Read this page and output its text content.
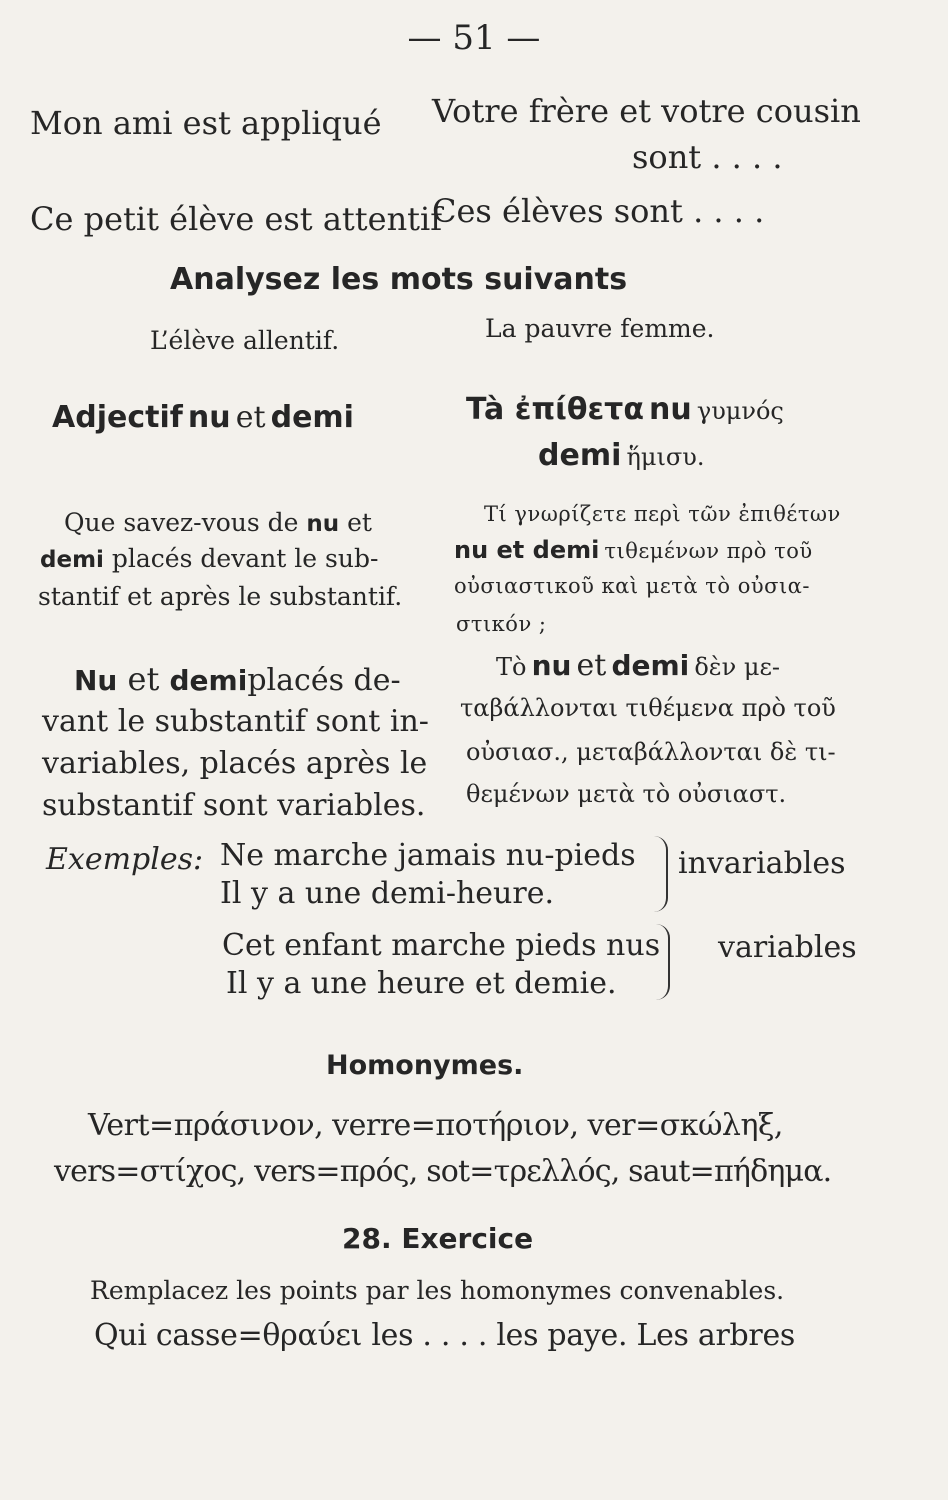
— 51 —
Mon ami est appliqué Votre frère et votre cousin
sont . . . .
Ce petit élève est attentif
Ces élèves sont . . . .
Analysez les mots suivants
L’élève allentif.	La pauvre femme.
Adjectif nu et demi	Tà ἐπίθετα nu γυμνός
demi ἥμισυ.
Que savez-vous de nu et
demi placés devant le sub-
stantif et après le substantif.
Τί γνωρίζετε περὶ τῶν ἐπιθέτων
nu et demi τιθεμένων πρὸ τοῦ
οὐσιαστικοῦ καὶ μετὰ τὸ οὐσια-
στικόν ;
Nu et demiplacés de-
vant le substantif sont in-
variables, placés après le
substantif sont variables.
Τὸ nu et demi δὲν με-
ταβάλλονται τιθέμενα πρὸ τοῦ
οὐσιασ., μεταβάλλονται δὲ τι-
θεμένων μετὰ τὸ οὐσιαστ.
Exemples: Ne marche jamais nu-pieds
Il y a une demi-heure.
Cet enfant marche pieds nus
Il y a une heure et demie.
invariables
variables
Homonymes.
Vert=πράσινον, verre=ποτήριον, ver=σκώληξ,
vers=στίχος, vers=πρός, sot=τρελλός, saut=πήδημα.
28. Exercice
Remplacez les points par les homonymes convenables.
Qui casse=θραύει les . . . . les paye. Les arbres
